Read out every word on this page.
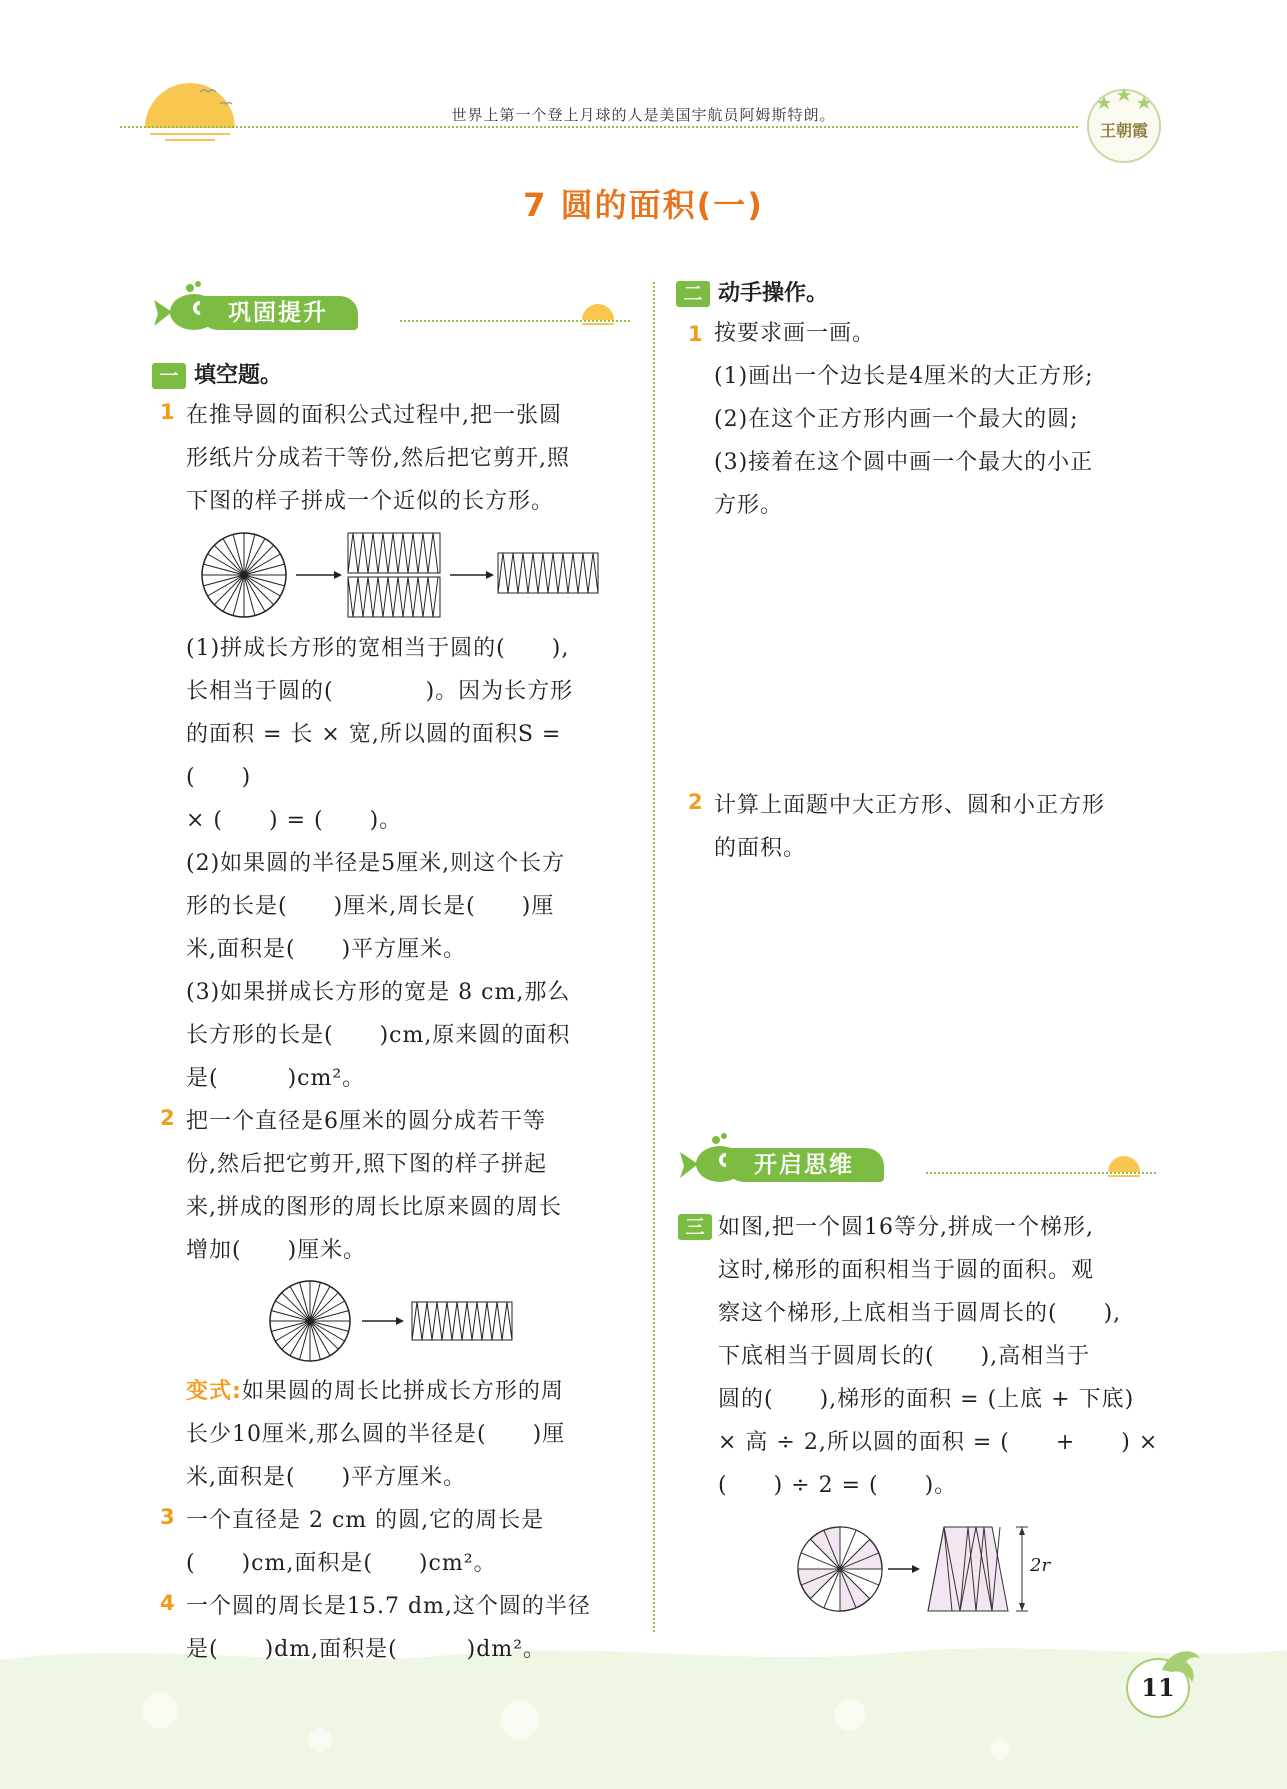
世界上第一个登上月球的人是美国宇航员阿姆斯特朗。
王朝霞
7 圆的面积(一)
巩固提升
一 填空题。
1 在推导圆的面积公式过程中,把一张圆
形纸片分成若干等份,然后把它剪开,照
下图的样子拼成一个近似的长方形。
(1)拼成长方形的宽相当于圆的(　　),
长相当于圆的(　　　　)。因为长方形
的面积 = 长 × 宽,所以圆的面积S = (　　)
× (　　) = (　　)。
(2)如果圆的半径是5厘米,则这个长方
形的长是(　　)厘米,周长是(　　)厘
米,面积是(　　)平方厘米。
(3)如果拼成长方形的宽是 8 cm,那么
长方形的长是(　　)cm,原来圆的面积
是(　　　)cm²。
2 把一个直径是6厘米的圆分成若干等
份,然后把它剪开,照下图的样子拼起
来,拼成的图形的周长比原来圆的周长
增加(　　)厘米。
变式:如果圆的周长比拼成长方形的周
长少10厘米,那么圆的半径是(　　)厘
米,面积是(　　)平方厘米。
3 一个直径是 2 cm 的圆,它的周长是
(　　)cm,面积是(　　)cm²。
4 一个圆的周长是15.7 dm,这个圆的半径
是(　　)dm,面积是(　　　)dm²。
二 动手操作。
1 按要求画一画。
(1)画出一个边长是4厘米的大正方形;
(2)在这个正方形内画一个最大的圆;
(3)接着在这个圆中画一个最大的小正
方形。
2 计算上面题中大正方形、圆和小正方形
的面积。
开启思维
三 如图,把一个圆16等分,拼成一个梯形,
这时,梯形的面积相当于圆的面积。观
察这个梯形,上底相当于圆周长的(　　),
下底相当于圆周长的(　　),高相当于
圆的(　　),梯形的面积 = (上底 + 下底)
× 高 ÷ 2,所以圆的面积 = (　　+　　) ×
(　　) ÷ 2 = (　　)。
2r
11
